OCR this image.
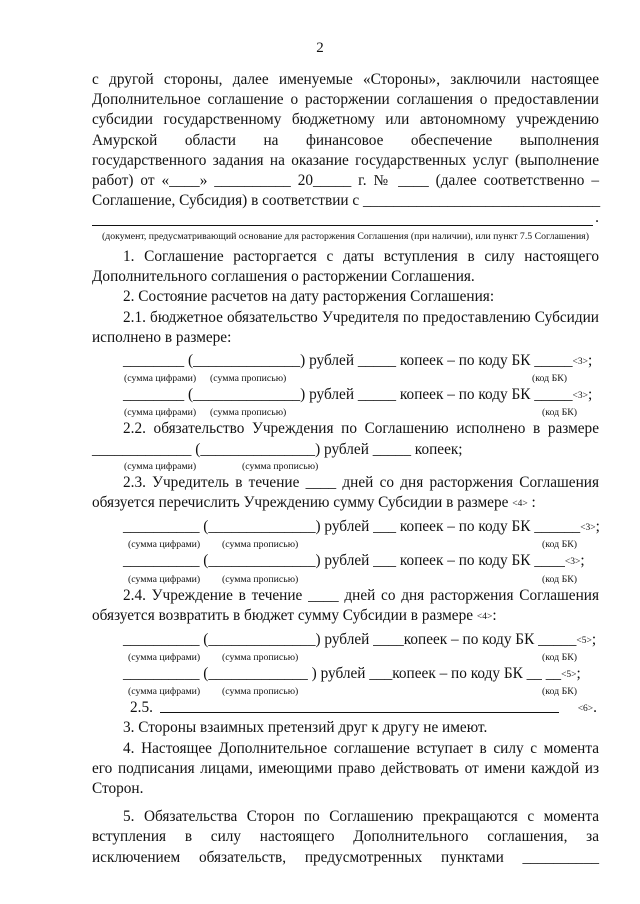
2
с другой стороны, далее именуемые «Стороны», заключили настоящее
Дополнительное соглашение о расторжении соглашения о предоставлении
субсидии государственному бюджетному или автономному учреждению
Амурской области на финансовое обеспечение выполнения
государственного задания на оказание государственных услуг (выполнение
работ) от «____» __________ 20_____ г. № ____ (далее соответственно –
Соглашение, Субсидия) в соответствии с _______________________________
.
(документ, предусматривающий основание для расторжения Соглашения (при наличии), или пункт 7.5 Соглашения)
1. Соглашение расторгается с даты вступления в силу настоящего
Дополнительного соглашения о расторжении Соглашения.
2. Состояние расчетов на дату расторжения Соглашения:
2.1. бюджетное обязательство Учредителя по предоставлению Субсидии
исполнено в размере:
________ (______________) рублей _____ копеек – по коду БК _____<3>;
(сумма цифрами) (сумма прописью)	(код БК)
________ (______________) рублей _____ копеек – по коду БК _____<3>;
(сумма цифрами) (сумма прописью)	(код БК)
2.2. обязательство Учреждения по Соглашению исполнено в размере
_____________ (_______________) рублей _____ копеек;
(сумма цифрами)	(сумма прописью)
2.3. Учредитель в течение ____ дней со дня расторжения Соглашения
обязуется перечислить Учреждению сумму Субсидии в размере <4> :
__________ (______________) рублей ___ копеек – по коду БК ______<3>;
(сумма цифрами) (сумма прописью)	(код БК)
__________ (______________) рублей ___ копеек – по коду БК ____<3>;
(сумма цифрами) (сумма прописью)	(код БК)
2.4. Учреждение в течение ____ дней со дня расторжения Соглашения
обязуется возвратить в бюджет сумму Субсидии в размере <4>:
__________ (______________) рублей ____копеек – по коду БК _____<5>;
(сумма цифрами) (сумма прописью)	(код БК)
__________ (_____________ ) рублей ___копеек – по коду БК __ __<5>;
(сумма цифрами) (сумма прописью)	(код БК)
2.5.	<6>.
3. Стороны взаимных претензий друг к другу не имеют.
4. Настоящее Дополнительное соглашение вступает в силу с момента
его подписания лицами, имеющими право действовать от имени каждой из
Сторон.
5. Обязательства Сторон по Соглашению прекращаются с момента
вступления в силу настоящего Дополнительного соглашения, за
исключением обязательств, предусмотренных пунктами __________
